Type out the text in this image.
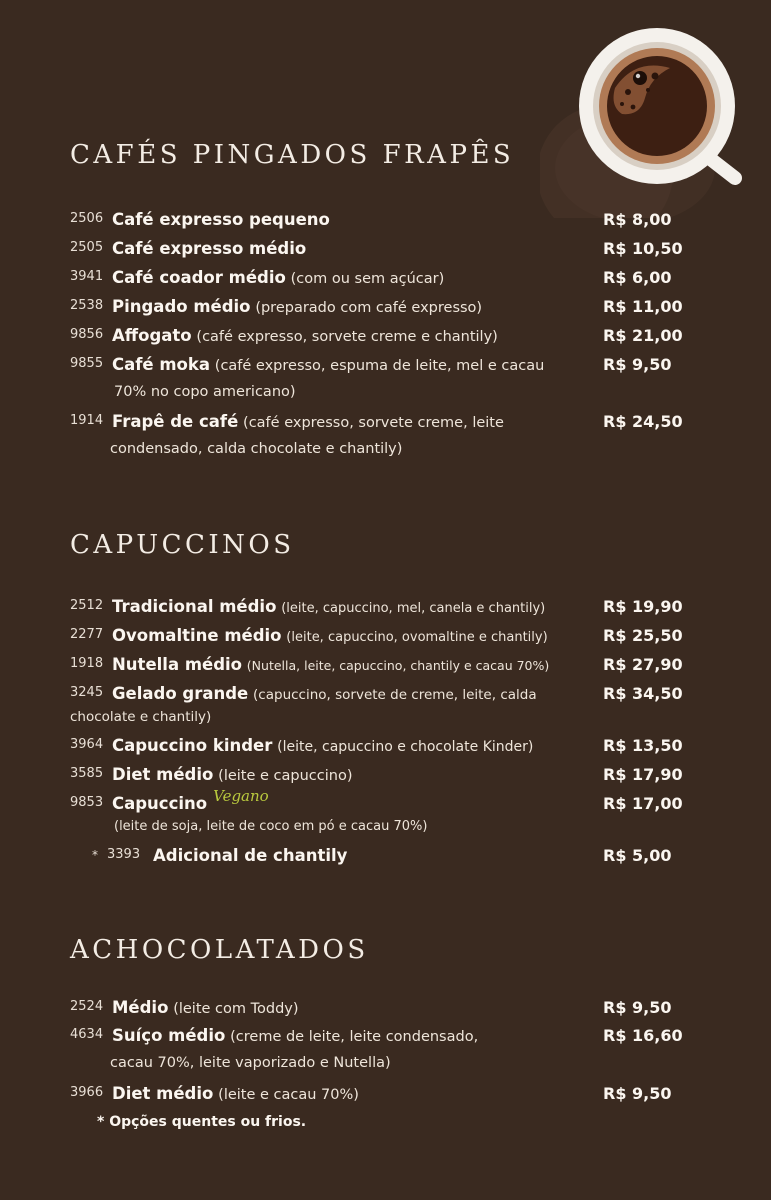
CAFÉS PINGADOS FRAPÊS
2506 Café expresso pequeno	R$ 8,00
2505 Café expresso médio	R$ 10,50
3941 Café coador médio (com ou sem açúcar)	R$ 6,00
2538 Pingado médio (preparado com café expresso)	R$ 11,00
9856 Affogato (café expresso, sorvete creme e chantily)	R$ 21,00
9855 Café moka (café expresso, espuma de leite, mel e cacau	R$ 9,50
70% no copo americano)
1914 Frapê de café (café expresso, sorvete creme, leite	R$ 24,50
condensado, calda chocolate e chantily)
CAPUCCINOS
2512 Tradicional médio (leite, capuccino, mel, canela e chantily)	R$ 19,90
2277 Ovomaltine médio (leite, capuccino, ovomaltine e chantily)	R$ 25,50
1918 Nutella médio (Nutella, leite, capuccino, chantily e cacau 70%)	R$ 27,90
3245 Gelado grande (capuccino, sorvete de creme, leite, calda	R$ 34,50
chocolate e chantily)
3964 Capuccino kinder (leite, capuccino e chocolate Kinder)	R$ 13,50
3585 Diet médio (leite e capuccino)	R$ 17,90
9853 Capuccino Vegano	R$ 17,00
(leite de soja, leite de coco em pó e cacau 70%)
* 3393 Adicional de chantily	R$ 5,00
ACHOCOLATADOS
2524 Médio (leite com Toddy)	R$ 9,50
4634 Suíço médio (creme de leite, leite condensado,	R$ 16,60
cacau 70%, leite vaporizado e Nutella)
3966 Diet médio (leite e cacau 70%)	R$ 9,50
* Opções quentes ou frios.
